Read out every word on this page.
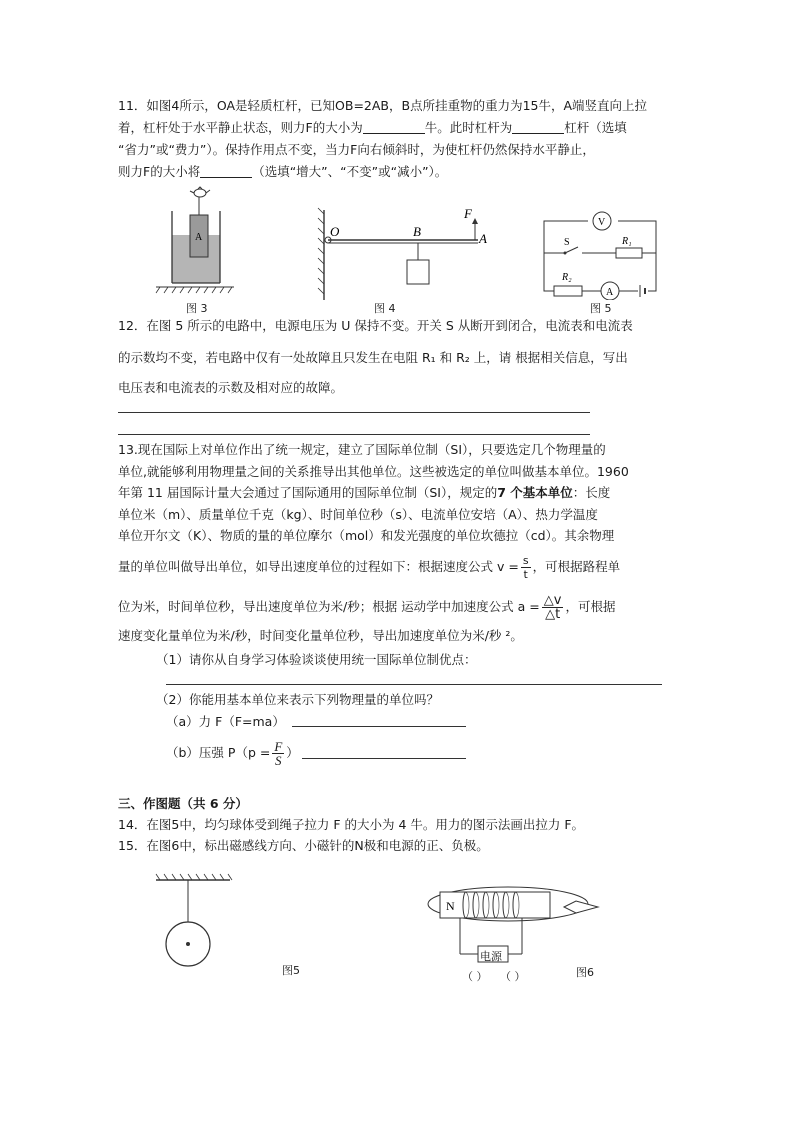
11．如图4所示，OA是轻质杠杆，已知OB=2AB，B点所挂重物的重力为15牛，A端竖直向上拉
着，杠杆处于水平静止状态，则力F的大小为	牛。此时杠杆为	杠杆（选填
“省力”或“费力”）。保持作用点不变，当力F向右倾斜时，为使杠杆仍然保持水平静止，
则力F的大小将	（选填“增大”、“不变”或“减小”）。
A
图 3
O	B	A
F
图 4
V
S	R₁
R₂
A
图 5
12．在图 5 所示的电路中，电源电压为 U 保持不变。开关 S 从断开到闭合，电流表和电流表
的示数均不变，若电路中仅有一处故障且只发生在电阻 R₁ 和 R₂ 上，请 根据相关信息，写出
电压表和电流表的示数及相对应的故障。
13.现在国际上对单位作出了统一规定，建立了国际单位制（SI），只要选定几个物理量的
单位,就能够利用物理量之间的关系推导出其他单位。这些被选定的单位叫做基本单位。1960
年第 11 届国际计量大会通过了国际通用的国际单位制（SI），规定的7 个基本单位：长度
单位米（m）、质量单位千克（kg）、时间单位秒（s）、电流单位安培（A）、热力学温度
单位开尔文（K）、物质的量的单位摩尔（mol）和发光强度的单位坎德拉（cd）。其余物理
量的单位叫做导出单位，如导出速度单位的过程如下：根据速度公式 $v = \frac{s}{t}$ ，可根据路程单
位为米，时间单位秒，导出速度单位为米/秒；根据 运动学中加速度公式 $a = \frac{\triangle v}{\triangle t}$ ，可根据
速度变化量单位为米/秒，时间变化量单位秒，导出加速度单位为米/秒 ²。
（1）请你从自身学习体验谈谈使用统一国际单位制优点：
（2）你能用基本单位来表示下列物理量的单位吗？
（a）力 F（F=ma）
（b）压强 $P(p = \frac{F}{S}$ ）
三、作图题（共 6 分）
14．在图5中，均匀球体受到绳子拉力 F 的大小为 4 牛。用力的图示法画出拉力 F。
15．在图6中，标出磁感线方向、小磁针的N极和电源的正、负极。
图5
N
电源
（ ） （ ）	图6
